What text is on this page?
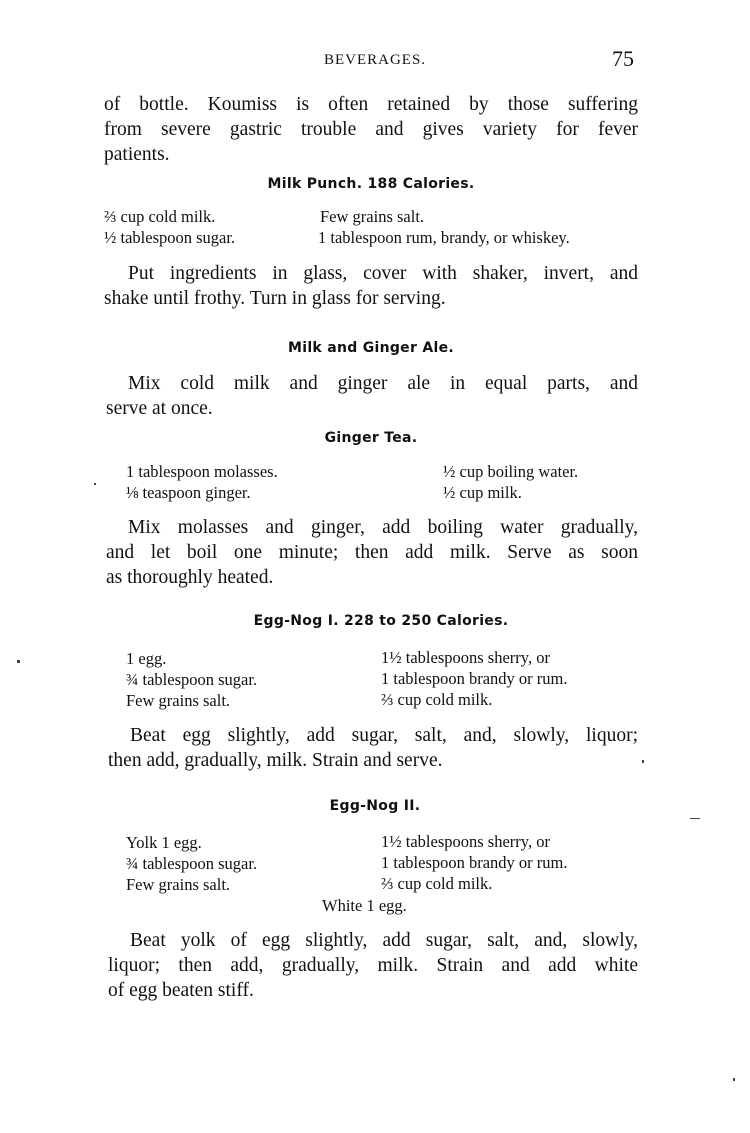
BEVERAGES.	75

of bottle. Koumiss is often retained by those suffering
from severe gastric trouble and gives variety for fever
patients.

Milk Punch. 188 Calories.
⅔ cup cold milk.
½ tablespoon sugar.
Few grains salt.
1 tablespoon rum, brandy, or whiskey.

Put ingredients in glass, cover with shaker, invert, and
shake until frothy. Turn in glass for serving.

Milk and Ginger Ale.

Mix cold milk and ginger ale in equal parts, and
serve at once.

Ginger Tea.
1 tablespoon molasses.
⅛ teaspoon ginger.
½ cup boiling water.
½ cup milk.

Mix molasses and ginger, add boiling water gradually,
and let boil one minute; then add milk. Serve as soon
as thoroughly heated.

Egg-Nog I. 228 to 250 Calories.
1 egg.
¾ tablespoon sugar.
Few grains salt.
1½ tablespoons sherry, or
1 tablespoon brandy or rum.
⅔ cup cold milk.

Beat egg slightly, add sugar, salt, and, slowly, liquor;
then add, gradually, milk. Strain and serve.

Egg-Nog II.
Yolk 1 egg.
¾ tablespoon sugar.
Few grains salt.
1½ tablespoons sherry, or
1 tablespoon brandy or rum.
⅔ cup cold milk.
White 1 egg.

Beat yolk of egg slightly, add sugar, salt, and, slowly,
liquor; then add, gradually, milk. Strain and add white
of egg beaten stiff.
